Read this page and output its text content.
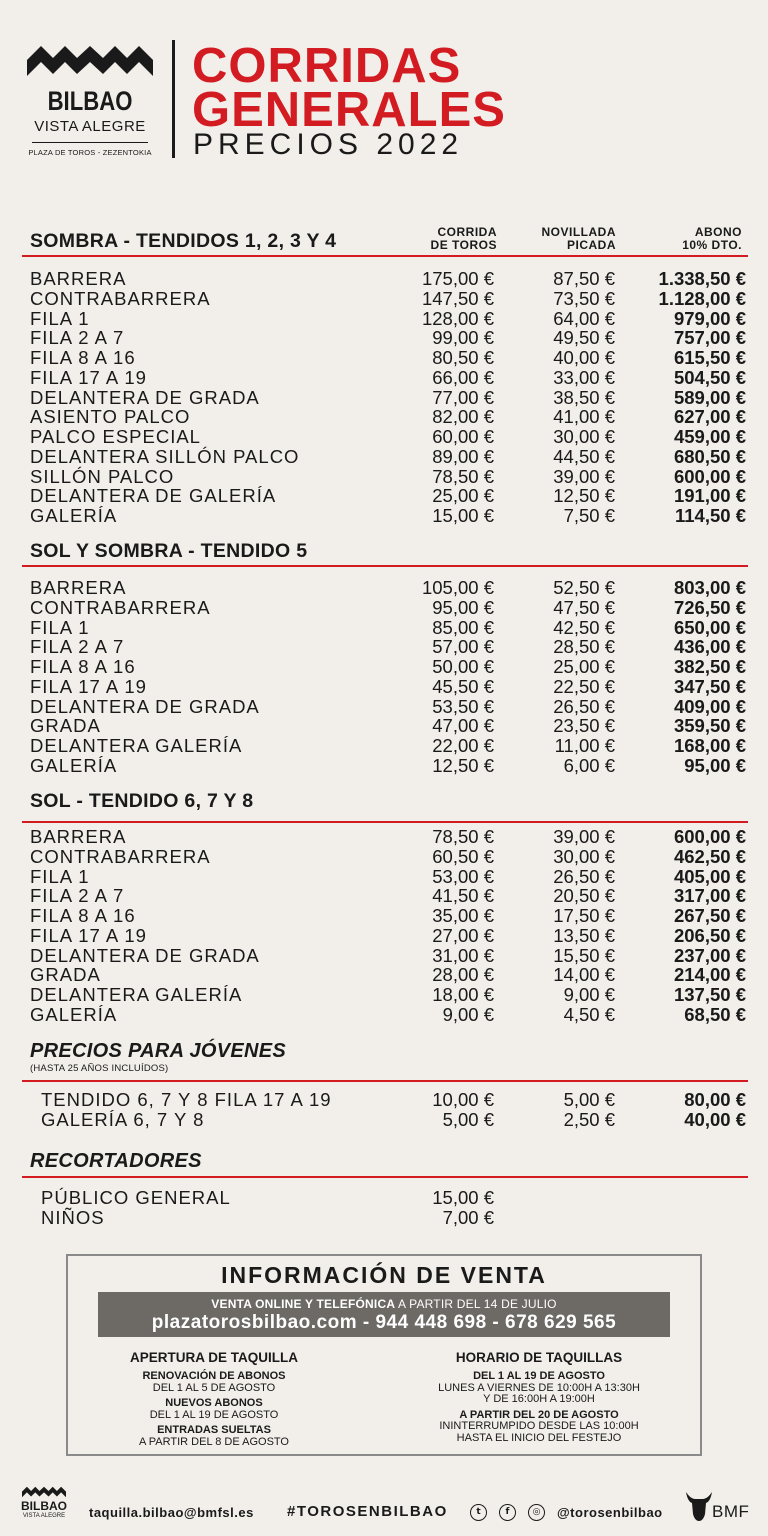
BILBAO
VISTA ALEGRE
PLAZA DE TOROS - ZEZENTOKIA
CORRIDAS
GENERALES
PRECIOS 2022
CORRIDA
DE TOROS
NOVILLADA
PICADA
ABONO
10% DTO.
SOMBRA - TENDIDOS 1, 2, 3 Y 4
BARRERA	175,00 €	87,50 € 1.338,50 €
CONTRABARRERA	147,50 €	73,50 € 1.128,00 €
FILA 1	128,00 €	64,00 €	979,00 €
FILA 2 A 7	99,00 €	49,50 €	757,00 €
FILA 8 A 16	80,50 €	40,00 €	615,50 €
FILA 17 A 19	66,00 €	33,00 €	504,50 €
DELANTERA DE GRADA	77,00 €	38,50 €	589,00 €
ASIENTO PALCO	82,00 €	41,00 €	627,00 €
PALCO ESPECIAL	60,00 €	30,00 €	459,00 €
DELANTERA SILLÓN PALCO	89,00 €	44,50 €	680,50 €
SILLÓN PALCO	78,50 €	39,00 €	600,00 €
DELANTERA DE GALERÍA	25,00 €	12,50 €	191,00 €
GALERÍA	15,00 €	7,50 €	114,50 €
SOL Y SOMBRA - TENDIDO 5
BARRERA	105,00 €	52,50 €	803,00 €
CONTRABARRERA	95,00 €	47,50 €	726,50 €
FILA 1	85,00 €	42,50 €	650,00 €
FILA 2 A 7	57,00 €	28,50 €	436,00 €
FILA 8 A 16	50,00 €	25,00 €	382,50 €
FILA 17 A 19	45,50 €	22,50 €	347,50 €
DELANTERA DE GRADA	53,50 €	26,50 €	409,00 €
GRADA	47,00 €	23,50 €	359,50 €
DELANTERA GALERÍA	22,00 €	11,00 €	168,00 €
GALERÍA	12,50 €	6,00 €	95,00 €
SOL - TENDIDO 6, 7 Y 8
BARRERA	78,50 €	39,00 €	600,00 €
CONTRABARRERA	60,50 €	30,00 €	462,50 €
FILA 1	53,00 €	26,50 €	405,00 €
FILA 2 A 7	41,50 €	20,50 €	317,00 €
FILA 8 A 16	35,00 €	17,50 €	267,50 €
FILA 17 A 19	27,00 €	13,50 €	206,50 €
DELANTERA DE GRADA	31,00 €	15,50 €	237,00 €
GRADA	28,00 €	14,00 €	214,00 €
DELANTERA GALERÍA	18,00 €	9,00 €	137,50 €
GALERÍA	9,00 €	4,50 €	68,50 €
PRECIOS PARA JÓVENES
(HASTA 25 AÑOS INCLUÍDOS)
TENDIDO 6, 7 Y 8 FILA 17 A 19	10,00 €	5,00 €	80,00 €
GALERÍA 6, 7 Y 8	5,00 €	2,50 €	40,00 €
RECORTADORES
PÚBLICO GENERAL	15,00 €
NIÑOS	7,00 €
INFORMACIÓN DE VENTA
VENTA ONLINE Y TELEFÓNICA A PARTIR DEL 14 DE JULIO
plazatorosbilbao.com - 944 448 698 - 678 629 565
APERTURA DE TAQUILLA
RENOVACIÓN DE ABONOS
DEL 1 AL 5 DE AGOSTO
NUEVOS ABONOS
DEL 1 AL 19 DE AGOSTO
ENTRADAS SUELTAS
A PARTIR DEL 8 DE AGOSTO
HORARIO DE TAQUILLAS
DEL 1 AL 19 DE AGOSTO
LUNES A VIERNES DE 10:00H A 13:30H
Y DE 16:00H A 19:00H
A PARTIR DEL 20 DE AGOSTO
ININTERRUMPIDO DESDE LAS 10:00H
HASTA EL INICIO DEL FESTEJO
BILBAO
VISTA ALEGRE taquilla.bilbao@bmfsl.es #TOROSENBILBAO	t	f	◎	@torosenbilbao	BMF
